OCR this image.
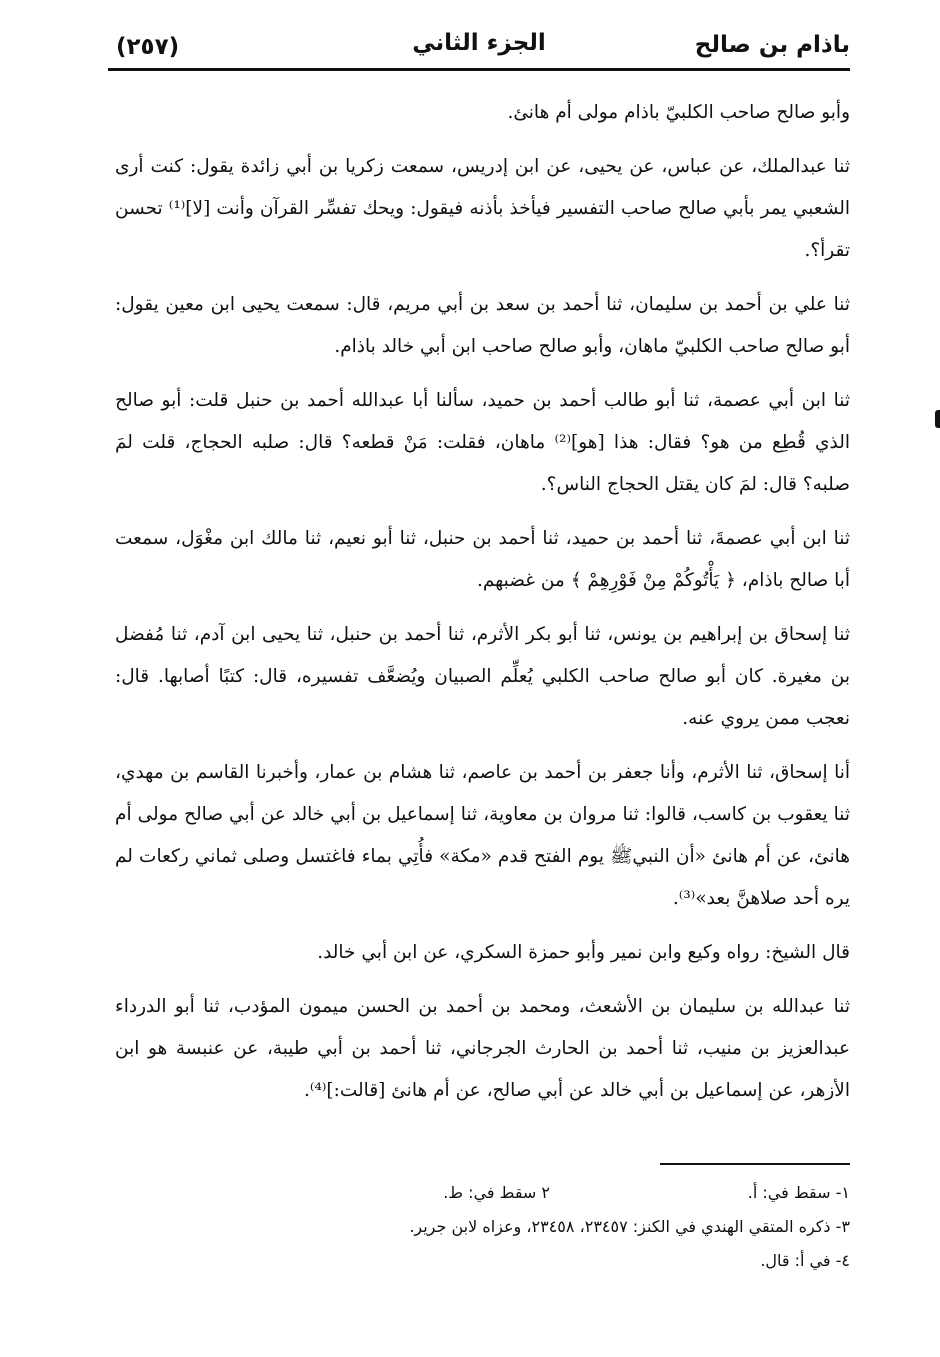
باذام بن صالح
الجزء الثاني
(٢٥٧)

وأبو صالح صاحب الكلبيّ باذام مولى أم هانئ.

ثنا عبدالملك، عن عباس، عن يحيى، عن ابن إدريس، سمعت زكريا بن أبي زائدة يقول: كنت أرى الشعبي يمر بأبي صالح صاحب التفسير فيأخذ بأذنه فيقول: ويحك تفسِّر القرآن وأنت [لا]⁽¹⁾ تحسن تقرأ؟.

ثنا علي بن أحمد بن سليمان، ثنا أحمد بن سعد بن أبي مريم، قال: سمعت يحيى ابن معين يقول: أبو صالح صاحب الكلبيّ ماهان، وأبو صالح صاحب ابن أبي خالد باذام.

ثنا ابن أبي عصمة، ثنا أبو طالب أحمد بن حميد، سألنا أبا عبدالله أحمد بن حنبل قلت: أبو صالح الذي قُطِع من هو؟ فقال: هذا [هو]⁽²⁾ ماهان، فقلت: مَنْ قطعه؟ قال: صلبه الحجاج، قلت لمَ صلبه؟ قال: لمَ كان يقتل الحجاج الناس؟.

ثنا ابن أبي عصمةَ، ثنا أحمد بن حميد، ثنا أحمد بن حنبل، ثنا أبو نعيم، ثنا مالك ابن مغْوَل، سمعت أبا صالح باذام، ﴿ يَأْتُوكُمْ مِنْ فَوْرِهِمْ ﴾ من غضبهم.

ثنا إسحاق بن إبراهيم بن يونس، ثنا أبو بكر الأثرم، ثنا أحمد بن حنبل، ثنا يحيى ابن آدم، ثنا مُفضل بن مغيرة. كان أبو صالح صاحب الكلبي يُعلِّم الصبيان ويُضعَّف تفسيره، قال: كتبًا أصابها. قال: نعجب ممن يروي عنه.

أنا إسحاق، ثنا الأثرم، وأنا جعفر بن أحمد بن عاصم، ثنا هشام بن عمار، وأخبرنا القاسم بن مهدي، ثنا يعقوب بن كاسب، قالوا: ثنا مروان بن معاوية، ثنا إسماعيل بن أبي خالد عن أبي صالح مولى أم هانئ، عن أم هانئ «أن النبيﷺ يوم الفتح قدم «مكة» فأُتِي بماء فاغتسل وصلى ثماني ركعات لم يره أحد صلاهنَّ بعد»⁽³⁾.

قال الشيخ: رواه وكيع وابن نمير وأبو حمزة السكري، عن ابن أبي خالد.

ثنا عبدالله بن سليمان بن الأشعث، ومحمد بن أحمد بن الحسن ميمون المؤدب، ثنا أبو الدرداء عبدالعزيز بن منيب، ثنا أحمد بن الحارث الجرجاني، ثنا أحمد بن أبي طيبة، عن عنبسة هو ابن الأزهر، عن إسماعيل بن أبي خالد عن أبي صالح، عن أم هانئ [قالت:]⁽⁴⁾.

١- سقط في: أ.
٢ سقط في: ط.
٣- ذكره المتقي الهندي في الكنز: ٢٣٤٥٧، ٢٣٤٥٨، وعزاه لابن جرير.
٤- في أ: قال.
